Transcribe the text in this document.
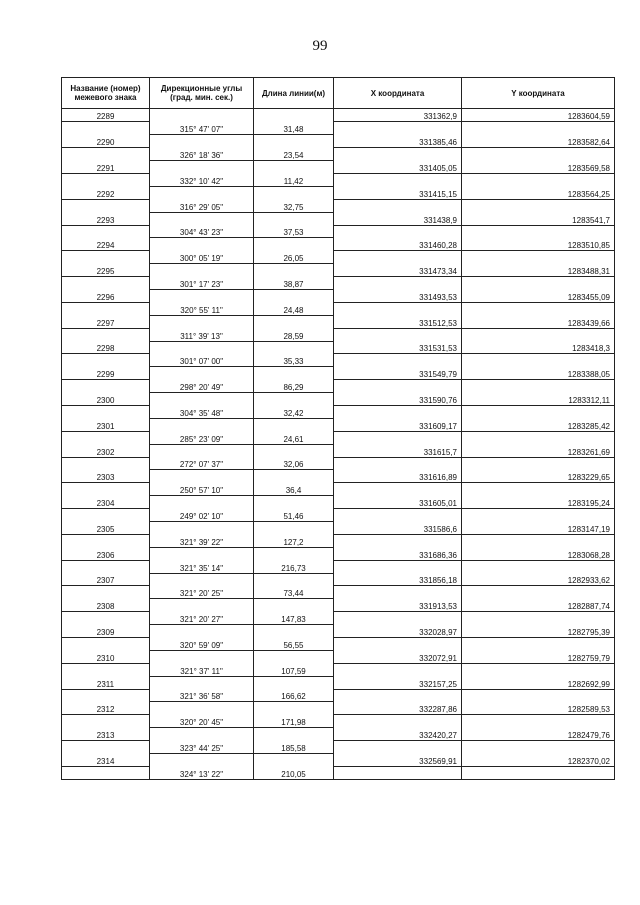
99
Название (номер) межевого знака	Дирекционные углы (град. мин. сек.)	Длина линии(м)	X координата	Y координата
2289			331362,9	1283604,59
	315° 47' 07"	31,48		
2290			331385,46	1283582,64
	326° 18' 36"	23,54		
2291			331405,05	1283569,58
	332° 10' 42"	11,42		
2292			331415,15	1283564,25
	316° 29' 05"	32,75		
2293			331438,9	1283541,7
	304° 43' 23"	37,53		
2294			331460,28	1283510,85
	300° 05' 19"	26,05		
2295			331473,34	1283488,31
	301° 17' 23"	38,87		
2296			331493,53	1283455,09
	320° 55' 11"	24,48		
2297			331512,53	1283439,66
	311° 39' 13"	28,59		
2298			331531,53	1283418,3
	301° 07' 00"	35,33		
2299			331549,79	1283388,05
	298° 20' 49"	86,29		
2300			331590,76	1283312,11
	304° 35' 48"	32,42		
2301			331609,17	1283285,42
	285° 23' 09"	24,61		
2302			331615,7	1283261,69
	272° 07' 37"	32,06		
2303			331616,89	1283229,65
	250° 57' 10"	36,4		
2304			331605,01	1283195,24
	249° 02' 10"	51,46		
2305			331586,6	1283147,19
	321° 39' 22"	127,2		
2306			331686,36	1283068,28
	321° 35' 14"	216,73		
2307			331856,18	1282933,62
	321° 20' 25"	73,44		
2308			331913,53	1282887,74
	321° 20' 27"	147,83		
2309			332028,97	1282795,39
	320° 59' 09"	56,55		
2310			332072,91	1282759,79
	321° 37' 11"	107,59		
2311			332157,25	1282692,99
	321° 36' 58"	166,62		
2312			332287,86	1282589,53
	320° 20' 45"	171,98		
2313			332420,27	1282479,76
	323° 44' 25"	185,58		
2314			332569,91	1282370,02
	324° 13' 22"	210,05		
